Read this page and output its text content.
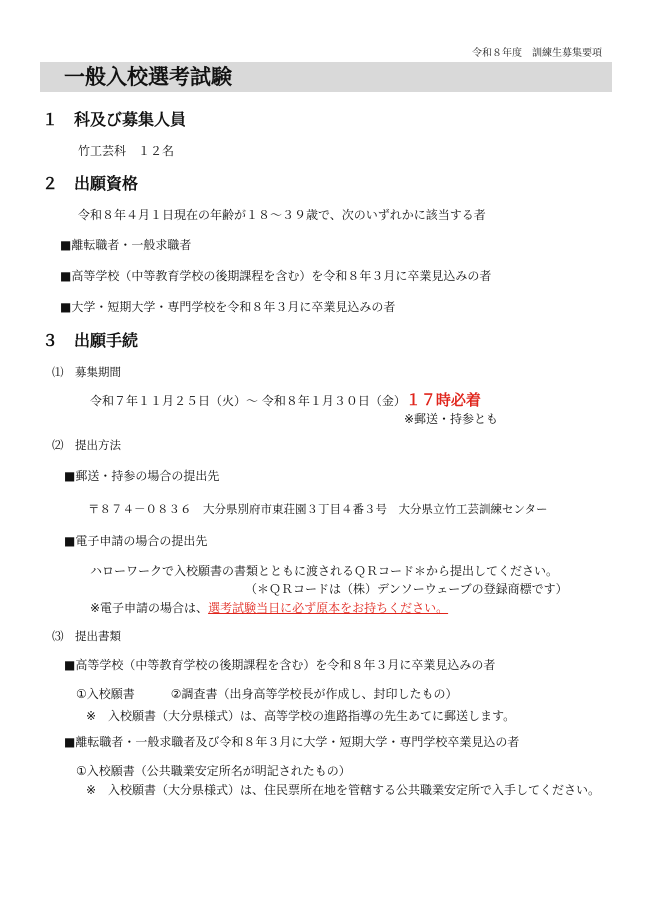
令和８年度　訓練生募集要項
一般入校選考試験
１　科及び募集人員
竹工芸科　１２名
２　出願資格
令和８年４月１日現在の年齢が１８～３９歳で、次のいずれかに該当する者
■離転職者・一般求職者
■高等学校（中等教育学校の後期課程を含む）を令和８年３月に卒業見込みの者
■大学・短期大学・専門学校を令和８年３月に卒業見込みの者
３　出願手続
⑴　募集期間
令和７年１１月２５日（火）～ 令和８年１月３０日（金）１７時必着
※郵送・持参とも
⑵　提出方法
■郵送・持参の場合の提出先
〒８７４－０８３６　大分県別府市東荘園３丁目４番３号　大分県立竹工芸訓練センター
■電子申請の場合の提出先
ハローワークで入校願書の書類とともに渡されるＱＲコード＊から提出してください。
（＊ＱＲコードは（株）デンソーウェーブの登録商標です）
※電子申請の場合は、選考試験当日に必ず原本をお持ちください。
⑶　提出書類
■高等学校（中等教育学校の後期課程を含む）を令和８年３月に卒業見込みの者
①入校願書　　　②調査書（出身高等学校長が作成し、封印したもの）
※　入校願書（大分県様式）は、高等学校の進路指導の先生あてに郵送します。
■離転職者・一般求職者及び令和８年３月に大学・短期大学・専門学校卒業見込の者
①入校願書（公共職業安定所名が明記されたもの）
※　入校願書（大分県様式）は、住民票所在地を管轄する公共職業安定所で入手してください。
